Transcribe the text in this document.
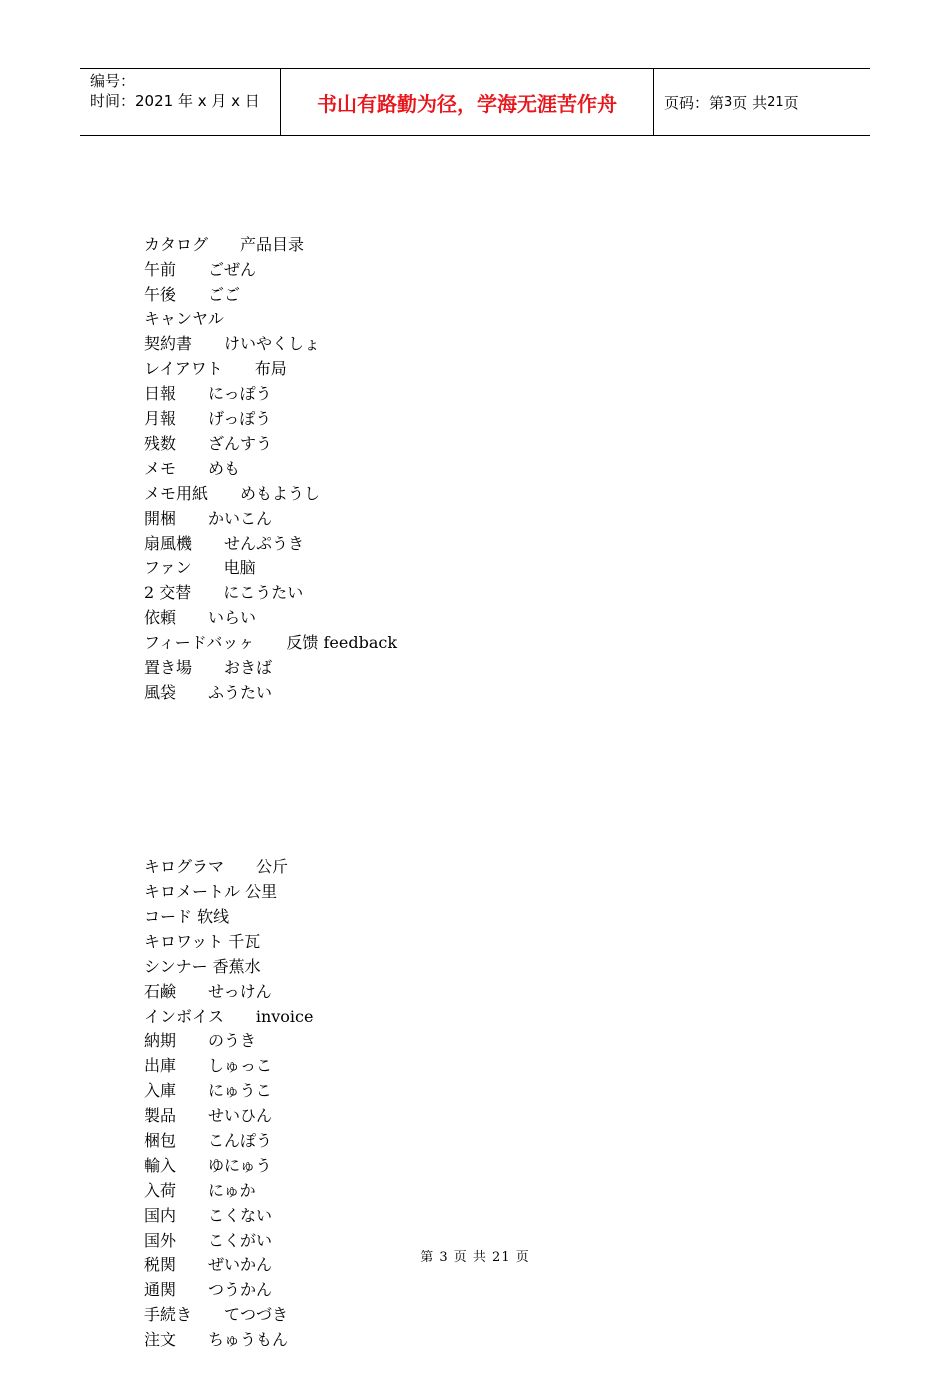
编号：
时间：2021 年 x 月 x 日	书山有路勤为径，学海无涯苦作舟	页码：第 3 页 共 21 页

カタログ　　产品目录
午前　　ごぜん
午後　　ごご
キャンヤル
契約書　　けいやくしょ
レイアワト　　布局
日報　　にっぽう
月報　　げっぽう
残数　　ざんすう
メモ　　めも
メモ用紙　　めもようし
開梱　　かいこん
扇風機　　せんぷうき
ファン　　电脑
2 交替　　にこうたい
依頼　　いらい
フィードバッヶ　　反馈 feedback
置き場　　おきば
風袋　　ふうたい

キログラマ　　公斤
キロメートル 公里
コード 软线
キロワット 千瓦
シンナー 香蕉水
石鹸　　せっけん
インボイス　　invoice
納期　　のうき
出庫　　しゅっこ
入庫　　にゅうこ
製品　　せいひん
梱包　　こんぽう
輸入　　ゆにゅう
入荷　　にゅか
国内　　こくない
国外　　こくがい
税関　　ぜいかん
通関　　つうかん
手続き　　てつづき
注文　　ちゅうもん

第 3 页 共 21 页
